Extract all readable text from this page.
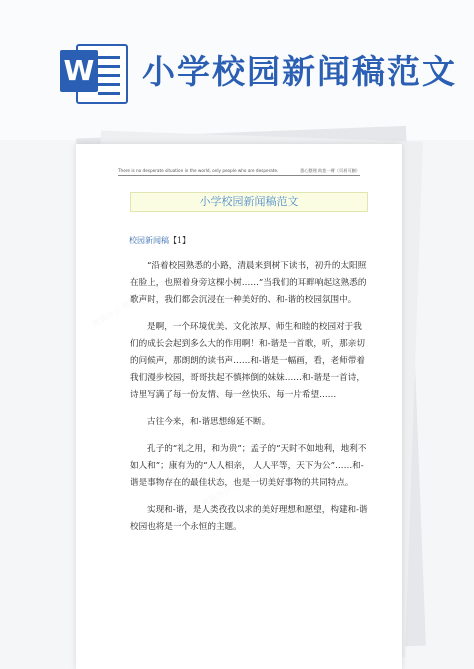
W 小学校园新闻稿范文
There is no desperate situation in the world, only people who are desperate.	悉心整理 助您一臂（页眉可删）
小学校园新闻稿范文
校园新闻稿【1】

“沿着校园熟悉的小路，清晨来到树下读书，初升的太阳照在脸上，也照着身旁这棵小树……”当我们的耳畔响起这熟悉的歌声时，我们都会沉浸在一种美好的、和-谐的校园氛围中。

是啊，一个环境优美、文化浓厚、师生和睦的校园对于我们的成长会起到多么大的作用啊！和-谐是一首歌，听，那亲切的问候声，那朗朗的读书声……和-谐是一幅画，看，老师带着我们漫步校园，哥哥扶起不慎摔倒的妹妹……和-谐是一首诗，诗里写满了每一份友情、每一丝快乐、每一片希望……

古往今来，和-谐思想绵延不断。

孔子的“礼之用，和为贵”；孟子的“天时不如地利，地利不如人和”；康有为的“人人相亲， 人人平等，天下为公”……和-谐是事物存在的最佳状态，也是一切美好事物的共同特点。

实现和-谐，是人类孜孜以求的美好理想和愿望，构建和-谐校园也将是一个永恒的主题。
